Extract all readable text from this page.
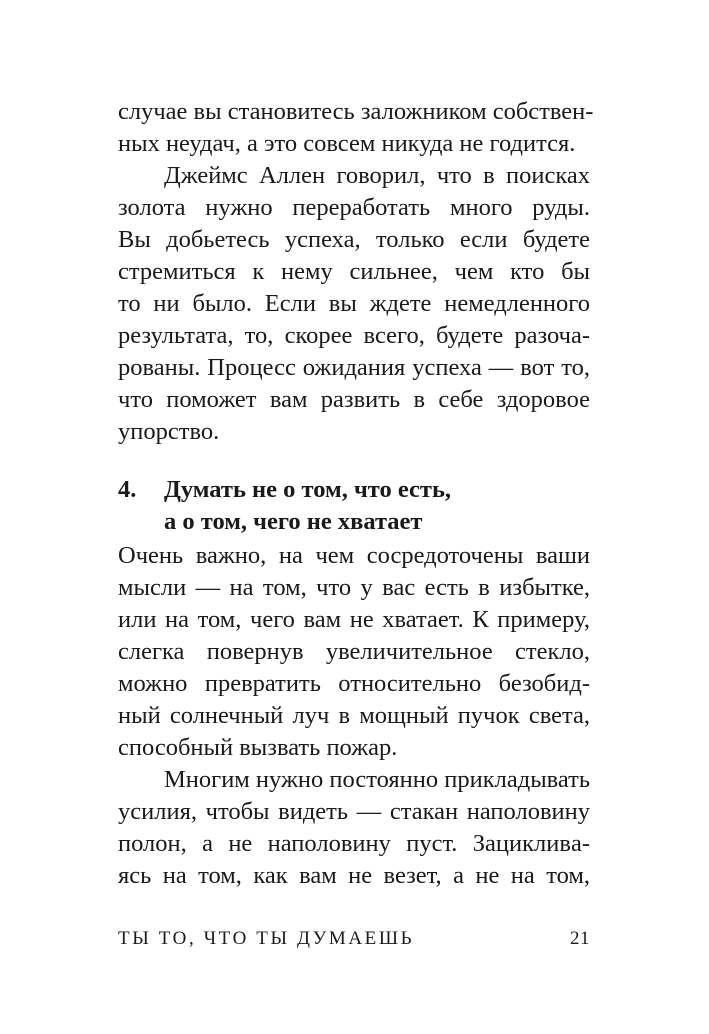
случае вы становитесь заложником собствен-
ных неудач, а это совсем никуда не годится.
Джеймс Аллен говорил, что в поисках
золота нужно переработать много руды.
Вы добьетесь успеха, только если будете
стремиться к нему сильнее, чем кто бы
то ни было. Если вы ждете немедленного
результата, то, скорее всего, будете разоча-
рованы. Процесс ожидания успеха — вот то,
что поможет вам развить в себе здоровое
упорство.
4. Думать не о том, что есть,
а о том, чего не хватает
Очень важно, на чем сосредоточены ваши
мысли — на том, что у вас есть в избытке,
или на том, чего вам не хватает. К примеру,
слегка повернув увеличительное стекло,
можно превратить относительно безобид-
ный солнечный луч в мощный пучок света,
способный вызвать пожар.
Многим нужно постоянно прикладывать
усилия, чтобы видеть — стакан наполовину
полон, а не наполовину пуст. Зацикливa-
ясь на том, как вам не везет, а не на том,
ТЫ ТО, ЧТО ТЫ ДУМАЕШЬ	21
